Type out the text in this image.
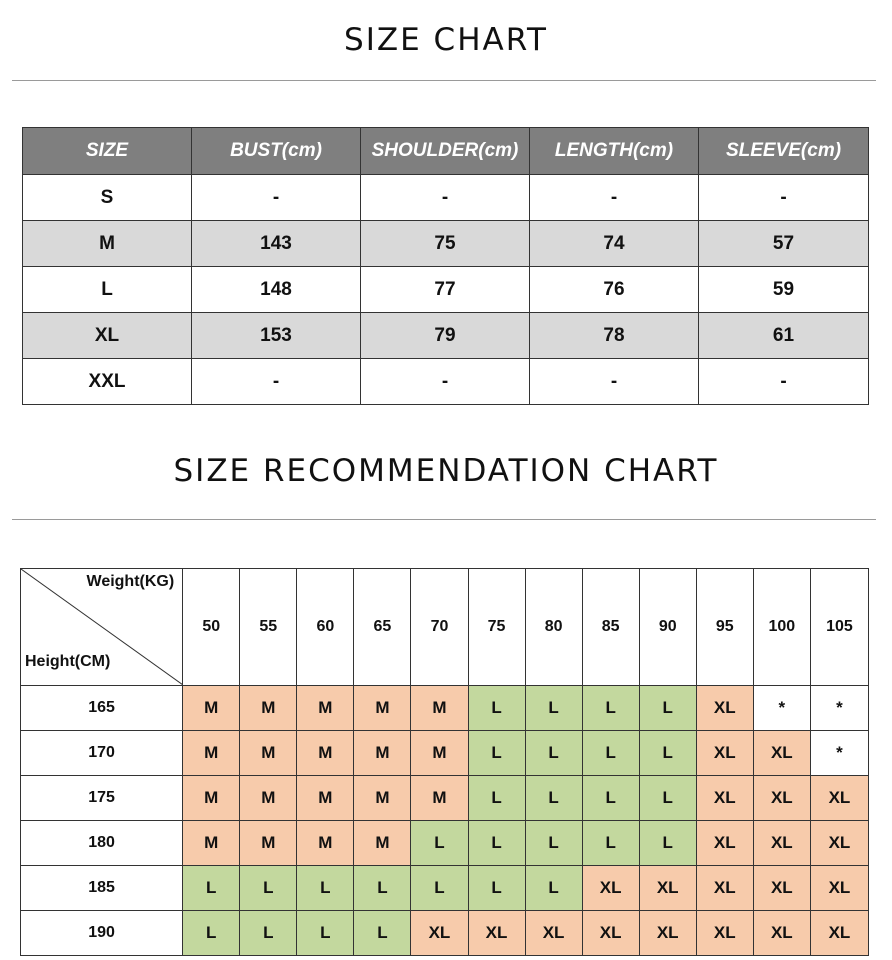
SIZE CHART
SIZE	BUST(cm)	SHOULDER(cm)	LENGTH(cm)	SLEEVE(cm)
S	-	-	-	-
M	143	75	74	57
L	148	77	76	59
XL	153	79	78	61
XXL	-	-	-	-
SIZE RECOMMENDATION CHART
Weight(KG)
Height(CM)	50	55	60	65	70	75	80	85	90	95	100	105
165	M	M	M	M	M	L	L	L	L	XL	*	*
170	M	M	M	M	M	L	L	L	L	XL	XL	*
175	M	M	M	M	M	L	L	L	L	XL	XL	XL
180	M	M	M	M	L	L	L	L	L	XL	XL	XL
185	L	L	L	L	L	L	L	XL	XL	XL	XL	XL
190	L	L	L	L	XL	XL	XL	XL	XL	XL	XL	XL
